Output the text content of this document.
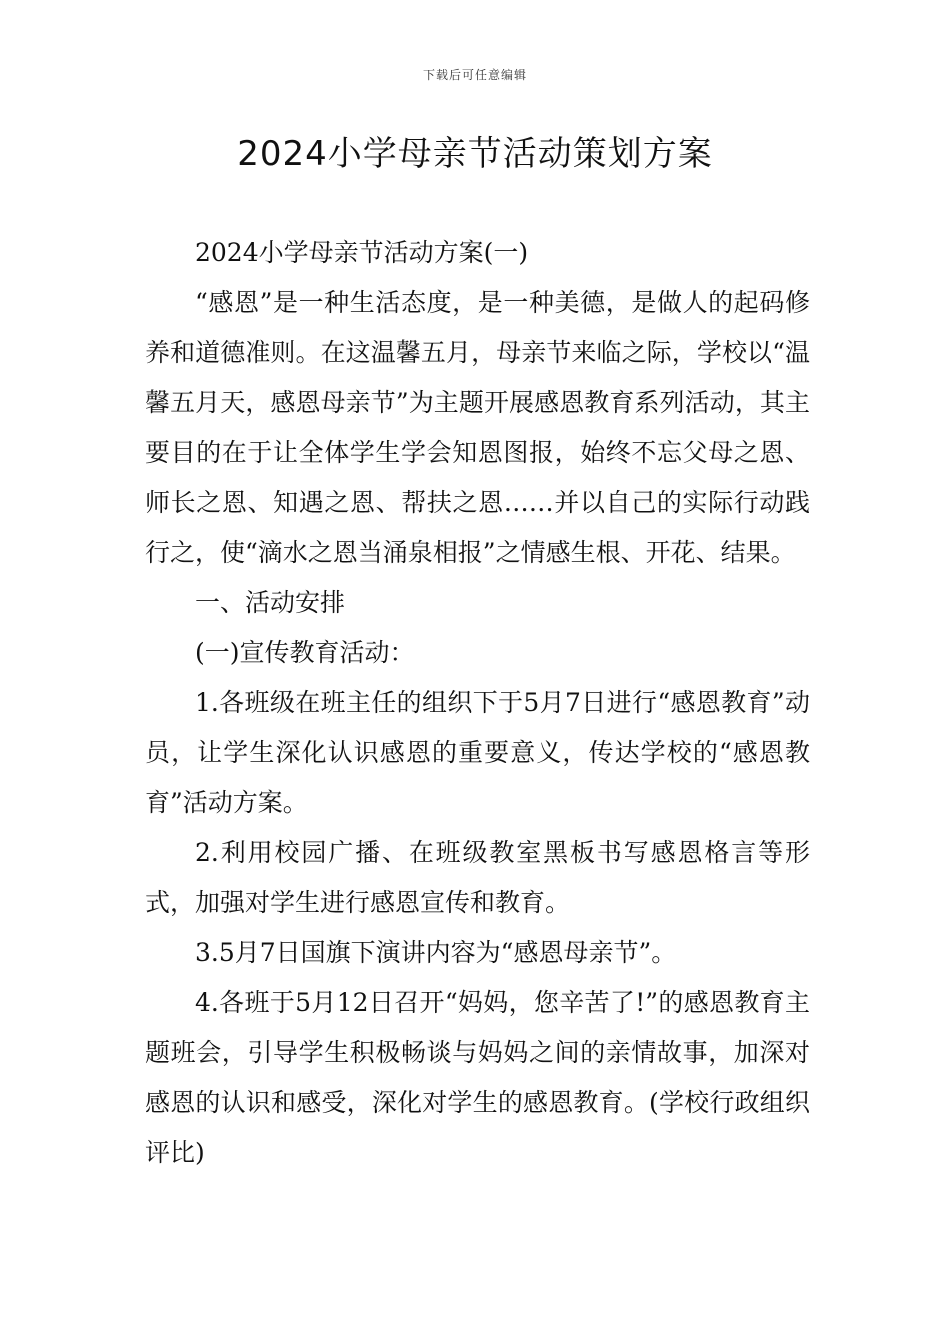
下载后可任意编辑
2024小学母亲节活动策划方案

2024小学母亲节活动方案(一)

“感恩”是一种生活态度，是一种美德，是做人的起码修养和道德准则。在这温馨五月，母亲节来临之际，学校以“温馨五月天，感恩母亲节”为主题开展感恩教育系列活动，其主要目的在于让全体学生学会知恩图报，始终不忘父母之恩、师长之恩、知遇之恩、帮扶之恩……并以自己的实际行动践行之，使“滴水之恩当涌泉相报”之情感生根、开花、结果。

一、活动安排

(一)宣传教育活动：

1.各班级在班主任的组织下于5月7日进行“感恩教育”动员，让学生深化认识感恩的重要意义，传达学校的“感恩教育”活动方案。

2.利用校园广播、在班级教室黑板书写感恩格言等形式，加强对学生进行感恩宣传和教育。

3.5月7日国旗下演讲内容为“感恩母亲节”。

4.各班于5月12日召开“妈妈，您辛苦了!”的感恩教育主题班会，引导学生积极畅谈与妈妈之间的亲情故事，加深对感恩的认识和感受，深化对学生的感恩教育。(学校行政组织评比)
